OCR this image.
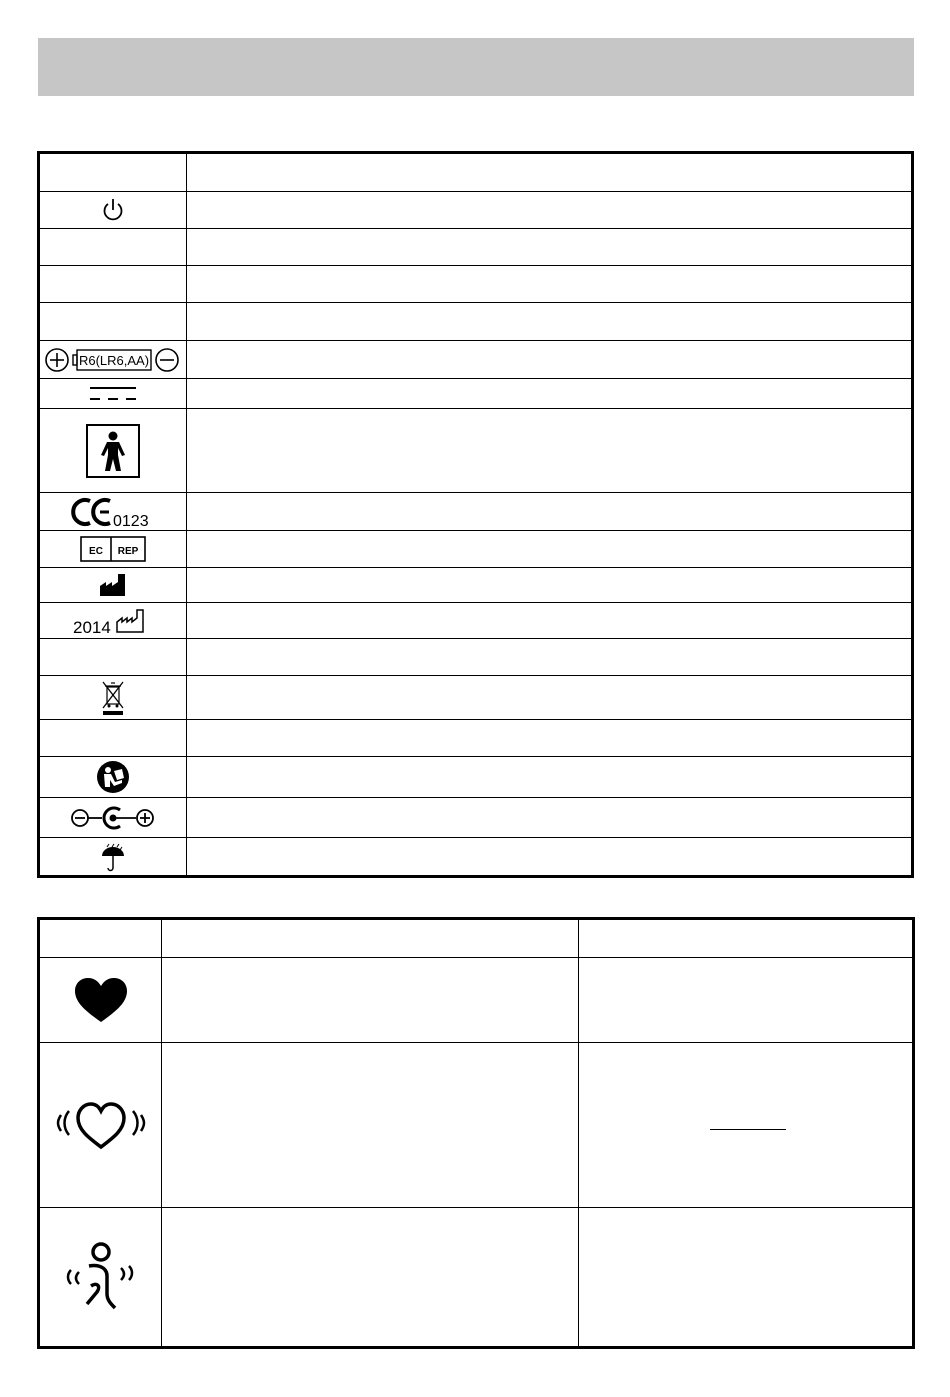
R6(LR6,AA)	

0123	

EC REP	

2014	
